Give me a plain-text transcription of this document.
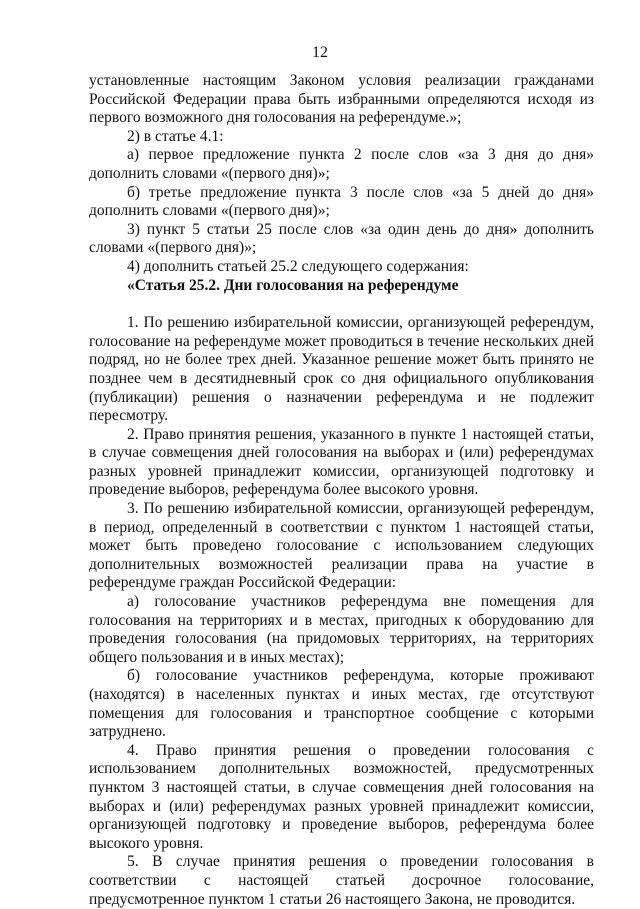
12

установленные настоящим Законом условия реализации гражданами Российской Федерации права быть избранными определяются исходя из первого возможного дня голосования на референдуме.»;

2) в статье 4.1:

а) первое предложение пункта 2 после слов «за 3 дня до дня» дополнить словами «(первого дня)»;

б) третье предложение пункта 3 после слов «за 5 дней до дня» дополнить словами «(первого дня)»;

3) пункт 5 статьи 25 после слов «за один день до дня» дополнить словами «(первого дня)»;

4) дополнить статьей 25.2 следующего содержания:

«Статья 25.2. Дни голосования на референдуме

1. По решению избирательной комиссии, организующей референдум, голосование на референдуме может проводиться в течение нескольких дней подряд, но не более трех дней. Указанное решение может быть принято не позднее чем в десятидневный срок со дня официального опубликования (публикации) решения о назначении референдума и не подлежит пересмотру.

2. Право принятия решения, указанного в пункте 1 настоящей статьи, в случае совмещения дней голосования на выборах и (или) референдумах разных уровней принадлежит комиссии, организующей подготовку и проведение выборов, референдума более высокого уровня.

3. По решению избирательной комиссии, организующей референдум, в период, определенный в соответствии с пунктом 1 настоящей статьи, может быть проведено голосование с использованием следующих дополнительных возможностей реализации права на участие в референдуме граждан Российской Федерации:

а) голосование участников референдума вне помещения для голосования на территориях и в местах, пригодных к оборудованию для проведения голосования (на придомовых территориях, на территориях общего пользования и в иных местах);

б) голосование участников референдума, которые проживают (находятся) в населенных пунктах и иных местах, где отсутствуют помещения для голосования и транспортное сообщение с которыми затруднено.

4. Право принятия решения о проведении голосования с использованием дополнительных возможностей, предусмотренных пунктом 3 настоящей статьи, в случае совмещения дней голосования на выборах и (или) референдумах разных уровней принадлежит комиссии, организующей подготовку и проведение выборов, референдума более высокого уровня.

5. В случае принятия решения о проведении голосования в соответствии с настоящей статьей досрочное голосование, предусмотренное пунктом 1 статьи 26 настоящего Закона, не проводится.
